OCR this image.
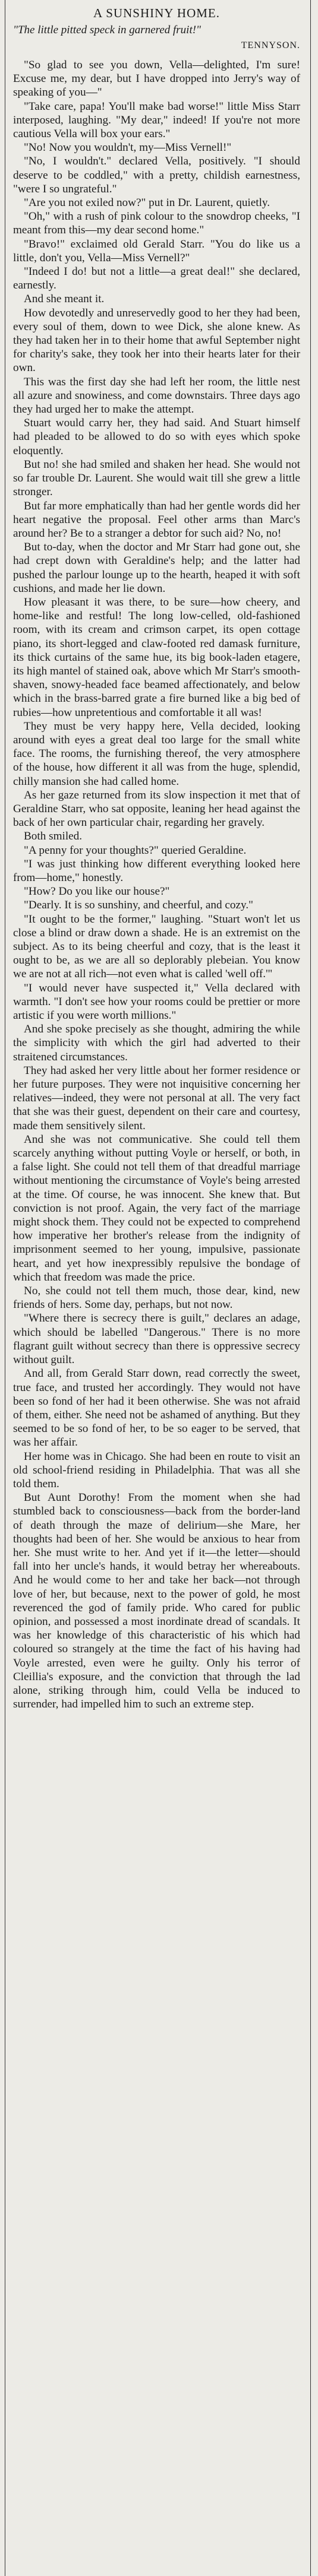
A SUNSHINY HOME.

"The little pitted speck in garnered fruit!"

TENNYSON.

"So glad to see you down, Vella—delighted, I'm sure! Excuse me, my dear, but I have dropped into Jerry's way of speaking of you—"

"Take care, papa! You'll make bad worse!" little Miss Starr interposed, laughing. "My dear," indeed! If you're not more cautious Vella will box your ears."

"No! Now you wouldn't, my—Miss Vernell!"

"No, I wouldn't." declared Vella, positively. "I should deserve to be coddled," with a pretty, childish earnestness, "were I so ungrateful."

"Are you not exiled now?" put in Dr. Laurent, quietly.

"Oh," with a rush of pink colour to the snowdrop cheeks, "I meant from this—my dear second home."

"Bravo!" exclaimed old Gerald Starr. "You do like us a little, don't you, Vella—Miss Vernell?"

"Indeed I do! but not a little—a great deal!" she declared, earnestly.

And she meant it.

How devotedly and unreservedly good to her they had been, every soul of them, down to wee Dick, she alone knew. As they had taken her in to their home that awful September night for charity's sake, they took her into their hearts later for their own.

This was the first day she had left her room, the little nest all azure and snowiness, and come downstairs. Three days ago they had urged her to make the attempt.

Stuart would carry her, they had said. And Stuart himself had pleaded to be allowed to do so with eyes which spoke eloquently.

But no! she had smiled and shaken her head. She would not so far trouble Dr. Laurent. She would wait till she grew a little stronger.

But far more emphatically than had her gentle words did her heart negative the proposal. Feel other arms than Marc's around her? Be to a stranger a debtor for such aid? No, no!

But to-day, when the doctor and Mr Starr had gone out, she had crept down with Geraldine's help; and the latter had pushed the parlour lounge up to the hearth, heaped it with soft cushions, and made her lie down.

How pleasant it was there, to be sure—how cheery, and home-like and restful! The long low-celled, old-fashioned room, with its cream and crimson carpet, its open cottage piano, its short-legged and claw-footed red damask furniture, its thick curtains of the same hue, its big book-laden etagere, its high mantel of stained oak, above which Mr Starr's smooth-shaven, snowy-headed face beamed affectionately, and below which in the brass-barred grate a fire burned like a big bed of rubies—how unpretentious and comfortable it all was!

They must be very happy here, Vella decided, looking around with eyes a great deal too large for the small white face. The rooms, the furnishing thereof, the very atmosphere of the house, how different it all was from the huge, splendid, chilly mansion she had called home.

As her gaze returned from its slow inspection it met that of Geraldine Starr, who sat opposite, leaning her head against the back of her own particular chair, regarding her gravely.

Both smiled.

"A penny for your thoughts?" queried Geraldine.

"I was just thinking how different everything looked here from—home," honestly.

"How? Do you like our house?"

"Dearly. It is so sunshiny, and cheerful, and cozy."

"It ought to be the former," laughing. "Stuart won't let us close a blind or draw down a shade. He is an extremist on the subject. As to its being cheerful and cozy, that is the least it ought to be, as we are all so deplorably plebeian. You know we are not at all rich—not even what is called 'well off.'"

"I would never have suspected it," Vella declared with warmth. "I don't see how your rooms could be prettier or more artistic if you were worth millions."

And she spoke precisely as she thought, admiring the while the simplicity with which the girl had adverted to their straitened circumstances.

They had asked her very little about her former residence or her future purposes. They were not inquisitive concerning her relatives—indeed, they were not personal at all. The very fact that she was their guest, dependent on their care and courtesy, made them sensitively silent.

And she was not communicative. She could tell them scarcely anything without putting Voyle or herself, or both, in a false light. She could not tell them of that dreadful marriage without mentioning the circumstance of Voyle's being arrested at the time. Of course, he was innocent. She knew that. But conviction is not proof. Again, the very fact of the marriage might shock them. They could not be expected to comprehend how imperative her brother's release from the indignity of imprisonment seemed to her young, impulsive, passionate heart, and yet how inexpressibly repulsive the bondage of which that freedom was made the price.

No, she could not tell them much, those dear, kind, new friends of hers. Some day, perhaps, but not now.

"Where there is secrecy there is guilt," declares an adage, which should be labelled "Dangerous." There is no more flagrant guilt without secrecy than there is oppressive secrecy without guilt.

And all, from Gerald Starr down, read correctly the sweet, true face, and trusted her accordingly. They would not have been so fond of her had it been otherwise. She was not afraid of them, either. She need not be ashamed of anything. But they seemed to be so fond of her, to be so eager to be served, that was her affair.

Her home was in Chicago. She had been en route to visit an old school-friend residing in Philadelphia. That was all she told them.

But Aunt Dorothy! From the moment when she had stumbled back to consciousness—back from the border-land of death through the maze of delirium—she Mare, her thoughts had been of her. She would be anxious to hear from her. She must write to her. And yet if it—the letter—should fall into her uncle's hands, it would betray her whereabouts. And he would come to her and take her back—not through love of her, but because, next to the power of gold, he most reverenced the god of family pride. Who cared for public opinion, and possessed a most inordinate dread of scandals. It was her knowledge of this characteristic of his which had coloured so strangely at the time the fact of his having had Voyle arrested, even were he guilty. Only his terror of Cleillia's exposure, and the conviction that through the lad alone, striking through him, could Vella be induced to surrender, had impelled him to such an extreme step.
